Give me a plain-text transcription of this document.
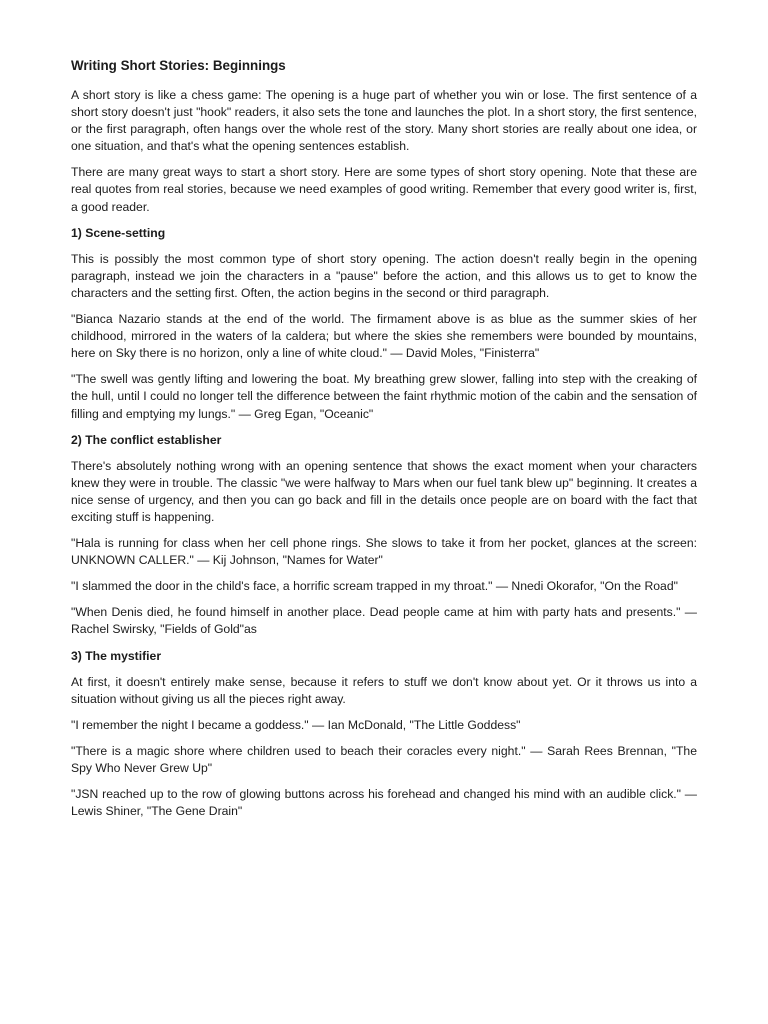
Writing Short Stories: Beginnings

A short story is like a chess game: The opening is a huge part of whether you win or lose. The first sentence of a short story doesn't just "hook" readers, it also sets the tone and launches the plot. In a short story, the first sentence, or the first paragraph, often hangs over the whole rest of the story. Many short stories are really about one idea, or one situation, and that's what the opening sentences establish.

There are many great ways to start a short story. Here are some types of short story opening. Note that these are real quotes from real stories, because we need examples of good writing. Remember that every good writer is, first, a good reader.

1) Scene-setting

This is possibly the most common type of short story opening. The action doesn't really begin in the opening paragraph, instead we join the characters in a "pause" before the action, and this allows us to get to know the characters and the setting first. Often, the action begins in the second or third paragraph.

"Bianca Nazario stands at the end of the world. The firmament above is as blue as the summer skies of her childhood, mirrored in the waters of la caldera; but where the skies she remembers were bounded by mountains, here on Sky there is no horizon, only a line of white cloud." — David Moles, "Finisterra"

"The swell was gently lifting and lowering the boat. My breathing grew slower, falling into step with the creaking of the hull, until I could no longer tell the difference between the faint rhythmic motion of the cabin and the sensation of filling and emptying my lungs." — Greg Egan, "Oceanic"

2) The conflict establisher

There's absolutely nothing wrong with an opening sentence that shows the exact moment when your characters knew they were in trouble. The classic "we were halfway to Mars when our fuel tank blew up" beginning. It creates a nice sense of urgency, and then you can go back and fill in the details once people are on board with the fact that exciting stuff is happening.

"Hala is running for class when her cell phone rings. She slows to take it from her pocket, glances at the screen: UNKNOWN CALLER." — Kij Johnson, "Names for Water"

"I slammed the door in the child's face, a horrific scream trapped in my throat." — Nnedi Okorafor, "On the Road"

"When Denis died, he found himself in another place. Dead people came at him with party hats and presents." — Rachel Swirsky, "Fields of Gold"as

3) The mystifier

At first, it doesn't entirely make sense, because it refers to stuff we don't know about yet. Or it throws us into a situation without giving us all the pieces right away.

"I remember the night I became a goddess." — Ian McDonald, "The Little Goddess"

"There is a magic shore where children used to beach their coracles every night." — Sarah Rees Brennan, "The Spy Who Never Grew Up"

"JSN reached up to the row of glowing buttons across his forehead and changed his mind with an audible click." — Lewis Shiner, "The Gene Drain"
